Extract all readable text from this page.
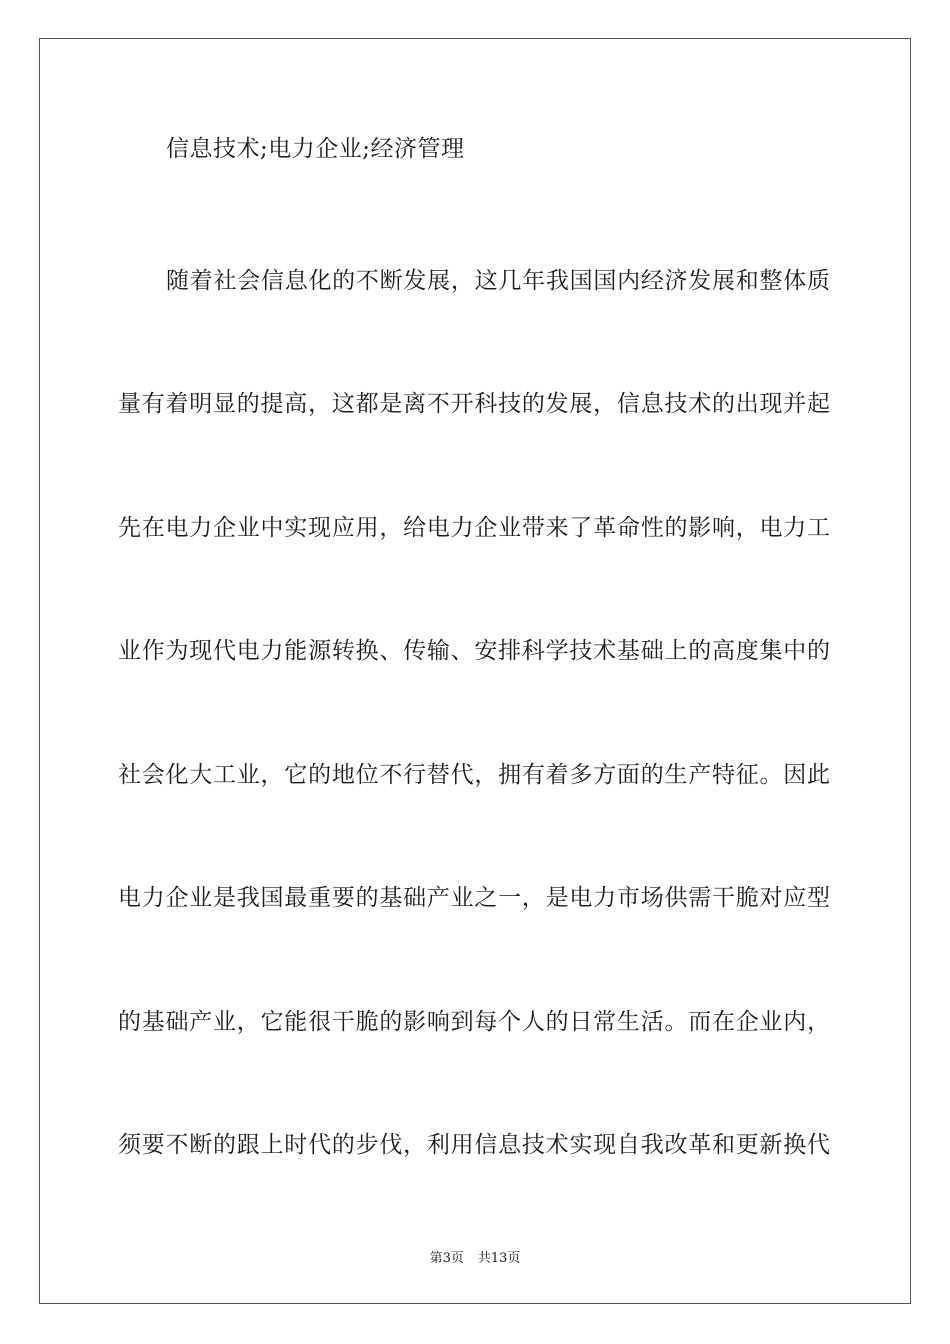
信息技术;电力企业;经济管理
随着社会信息化的不断发展，这几年我国国内经济发展和整体质
量有着明显的提高，这都是离不开科技的发展，信息技术的出现并起
先在电力企业中实现应用，给电力企业带来了革命性的影响，电力工
业作为现代电力能源转换、传输、安排科学技术基础上的高度集中的
社会化大工业，它的地位不行替代，拥有着多方面的生产特征。因此
电力企业是我国最重要的基础产业之一，是电力市场供需干脆对应型
的基础产业，它能很干脆的影响到每个人的日常生活。而在企业内，
须要不断的跟上时代的步伐，利用信息技术实现自我改革和更新换代
第3页 共13页
